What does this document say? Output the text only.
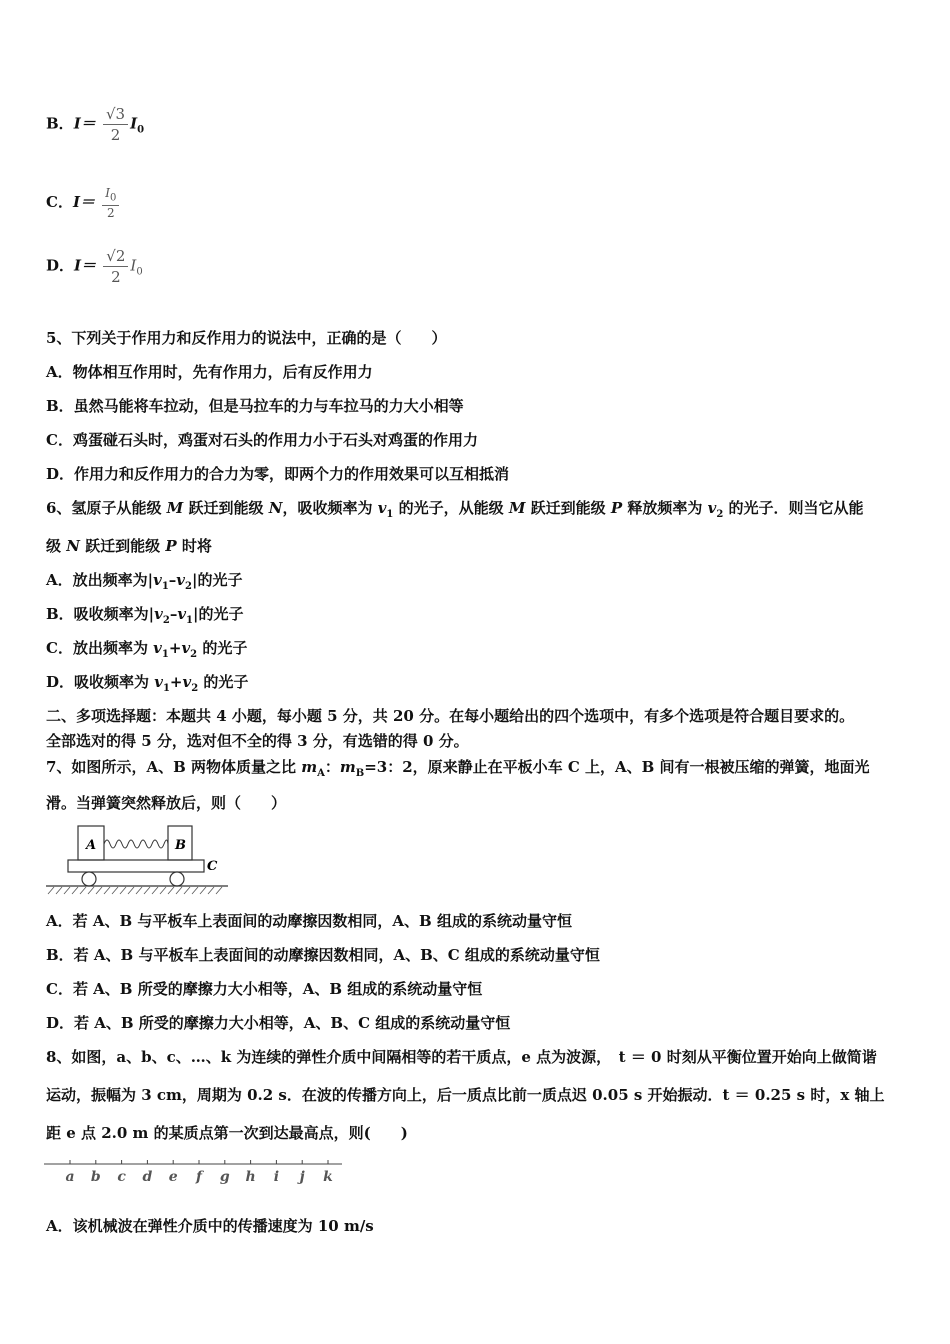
B．$I= \frac{√3}{2} I_0$
C．$I= \frac{I_0}{2}$
D．$I= \frac{√2}{2} I_0$
5、下列关于作用力和反作用力的说法中，正确的是（　　）
A．物体相互作用时，先有作用力，后有反作用力
B．虽然马能将车拉动，但是马拉车的力与车拉马的力大小相等
C．鸡蛋碰石头时，鸡蛋对石头的作用力小于石头对鸡蛋的作用力
D．作用力和反作用力的合力为零，即两个力的作用效果可以互相抵消
6、氢原子从能级 M 跃迁到能级 N，吸收频率为 $v_1$ 的光子，从能级 M 跃迁到能级 P 释放频率为 $v_2$ 的光子．则当它从能
级 N 跃迁到能级 P 时将
A．放出频率为$|v_1-v_2|$的光子
B．吸收频率为$|v_2-v_1|$的光子
C．放出频率为 $v_1+v_2$ 的光子
D．吸收频率为 $v_1+v_2$ 的光子
二、多项选择题：本题共 4 小题，每小题 5 分，共 20 分。在每小题给出的四个选项中，有多个选项是符合题目要求的。
全部选对的得 5 分，选对但不全的得 3 分，有选错的得 0 分。
7、如图所示，A、B 两物体质量之比 $m_A$：$m_B=3$：2，原来静止在平板小车 C 上，A、B 间有一根被压缩的弹簧，地面光
滑。当弹簧突然释放后，则（　　）
A	B
C
A．若 A、B 与平板车上表面间的动摩擦因数相同，A、B 组成的系统动量守恒
B．若 A、B 与平板车上表面间的动摩擦因数相同，A、B、C 组成的系统动量守恒
C．若 A、B 所受的摩擦力大小相等，A、B 组成的系统动量守恒
D．若 A、B 所受的摩擦力大小相等，A、B、C 组成的系统动量守恒
8、如图，a、b、c、…、k 为连续的弹性介质中间隔相等的若干质点，e 点为波源，　t ＝ 0 时刻从平衡位置开始向上做简谐
运动，振幅为 3 cm，周期为 0.2 s．在波的传播方向上，后一质点比前一质点迟 0.05 s 开始振动．t ＝ 0.25 s 时，x 轴上
距 e 点 2.0 m 的某质点第一次到达最高点，则(　　)
a b c d e f g h i j k
A．该机械波在弹性介质中的传播速度为 10 m/s
